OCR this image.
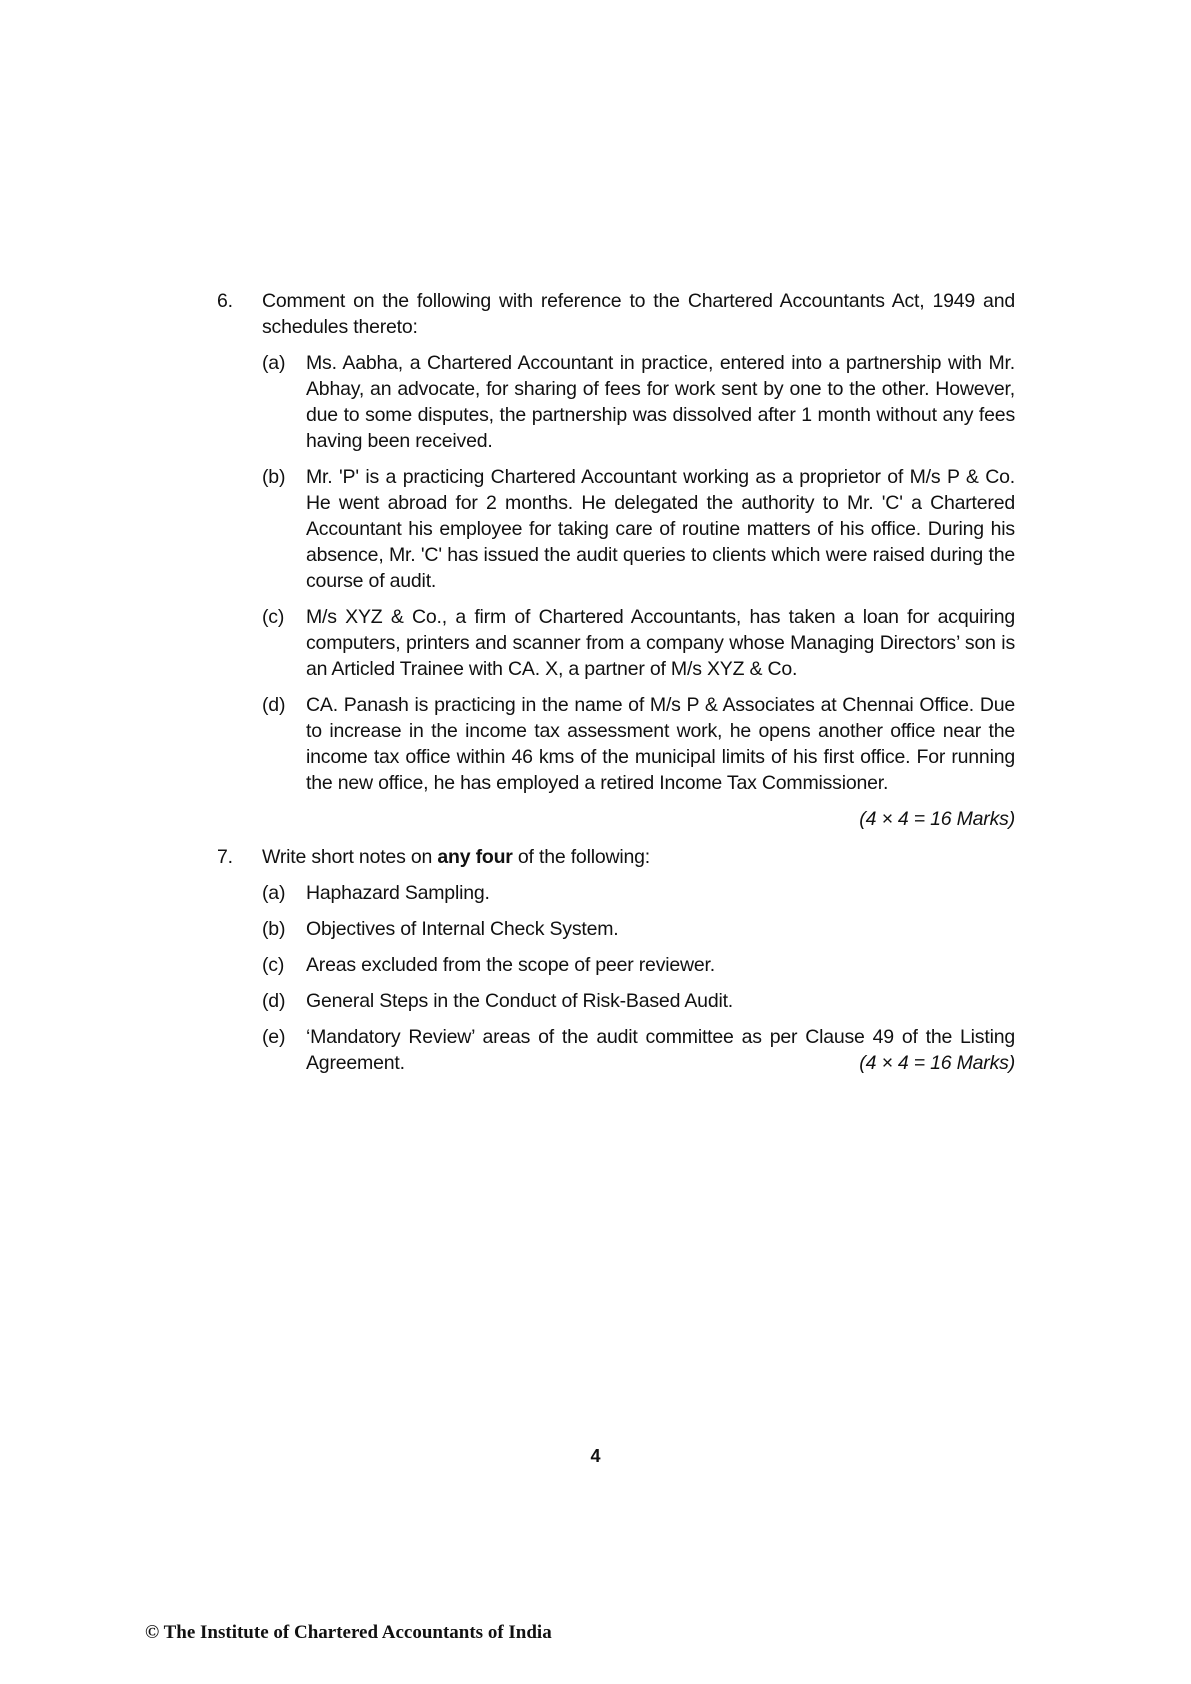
6.	Comment on the following with reference to the Chartered Accountants Act, 1949 and schedules thereto:
(a)	Ms. Aabha, a Chartered Accountant in practice, entered into a partnership with Mr. Abhay, an advocate, for sharing of fees for work sent by one to the other. However, due to some disputes, the partnership was dissolved after 1 month without any fees having been received.
(b)	Mr. 'P' is a practicing Chartered Accountant working as a proprietor of M/s P & Co. He went abroad for 2 months. He delegated the authority to Mr. 'C' a Chartered Accountant his employee for taking care of routine matters of his office. During his absence, Mr. 'C' has issued the audit queries to clients which were raised during the course of audit.
(c)	M/s XYZ & Co., a firm of Chartered Accountants, has taken a loan for acquiring computers, printers and scanner from a company whose Managing Directors’ son is an Articled Trainee with CA. X, a partner of M/s XYZ & Co.
(d)	CA. Panash is practicing in the name of M/s P & Associates at Chennai Office. Due to increase in the income tax assessment work, he opens another office near the income tax office within 46 kms of the municipal limits of his first office. For running the new office, he has employed a retired Income Tax Commissioner.
(4 × 4 = 16 Marks)
7.	Write short notes on any four of the following:
(a)	Haphazard Sampling.
(b)	Objectives of Internal Check System.
(c)	Areas excluded from the scope of peer reviewer.
(d)	General Steps in the Conduct of Risk-Based Audit.
(e)	‘Mandatory Review’ areas of the audit committee as per Clause 49 of the Listing Agreement.	(4 × 4 = 16 Marks)
4
© The Institute of Chartered Accountants of India
